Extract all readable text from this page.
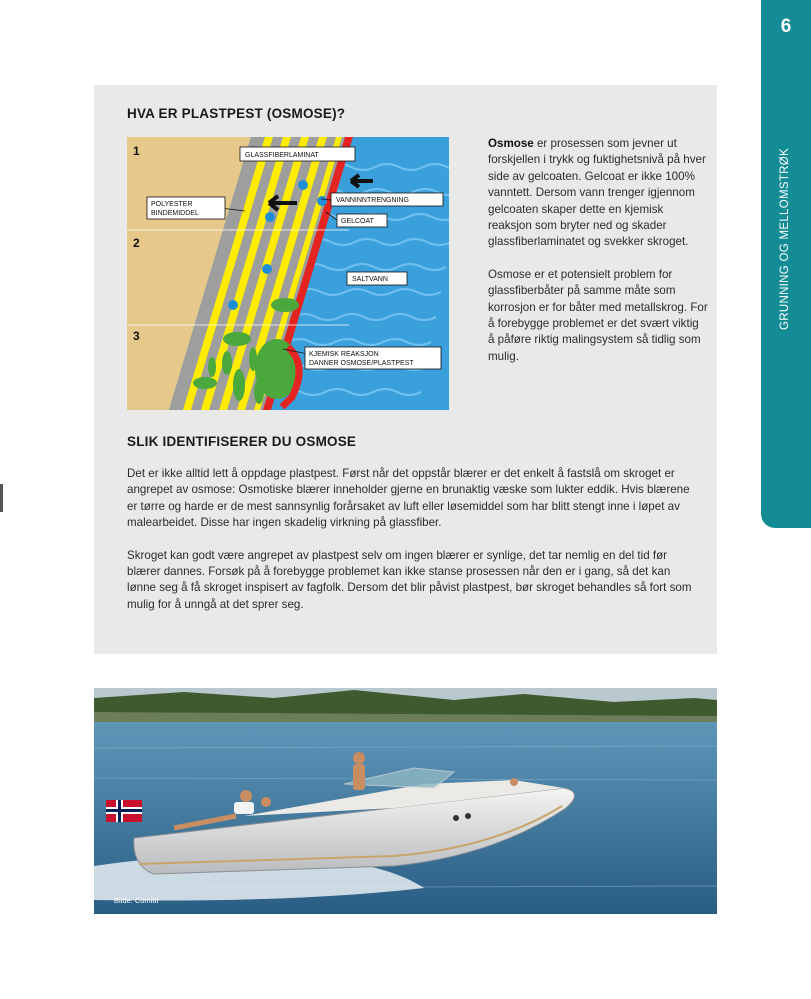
6
GRUNNING OG MELLOMSTRØK
HVA ER PLASTPEST (OSMOSE)?
1
2
3
GLASSFIBERLAMINAT
POLYESTER
BINDEMIDDEL
VANNINNTRENGNING
GELCOAT
SALTVANN
KJEMISK REAKSJON
DANNER OSMOSE/PLASTPEST

Osmose er prosessen som jevner ut forskjellen i trykk og fuktighetsnivå på hver side av gelcoaten. Gelcoat er ikke 100% vanntett. Dersom vann trenger igjennom gelcoaten skaper dette en kjemisk reaksjon som bryter ned og skader glassfiberlaminatet og svekker skroget.

Osmose er et potensielt problem for glassfiberbåter på samme måte som korrosjon er for båter med metallskrog. For å forebygge problemet er det svært viktig å påføre riktig malingsystem så tidlig som mulig.

SLIK IDENTIFISERER DU OSMOSE

Det er ikke alltid lett å oppdage plastpest. Først når det oppstår blærer er det enkelt å fastslå om skroget er angrepet av osmose: Osmotiske blærer inneholder gjerne en brunaktig væske som lukter eddik. Hvis blærene er tørre og harde er de mest sannsynlig forårsaket av luft eller løsemiddel som har blitt stengt inne i løpet av malearbeidet. Disse har ingen skadelig virkning på glassfiber.

Skroget kan godt være angrepet av plastpest selv om ingen blærer er synlige, det tar nemlig en del tid før blærer dannes. Forsøk på å forebygge problemet kan ikke stanse prosessen når den er i gang, så det kan lønne seg å få skroget inspisert av fagfolk. Dersom det blir påvist plastpest, bør skroget behandles så fort som mulig for å unngå at det sprer seg.

Bilde: Comitti
